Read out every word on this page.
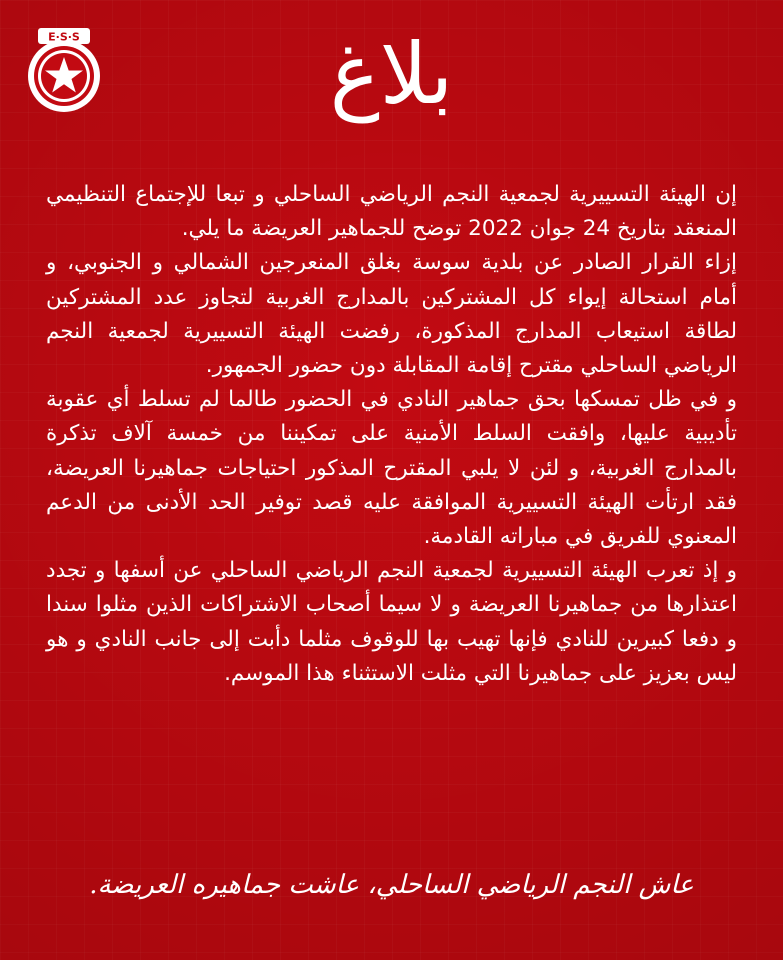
E·S·S	بلاغ

إن الهيئة التسييرية لجمعية النجم الرياضي الساحلي و تبعا للإجتماع التنظيمي المنعقد بتاريخ 24 جوان 2022 توضح للجماهير العريضة ما يلي.

إزاء القرار الصادر عن بلدية سوسة بغلق المنعرجين الشمالي و الجنوبي، و أمام استحالة إيواء كل المشتركين بالمدارج الغربية لتجاوز عدد المشتركين لطاقة استيعاب المدارج المذكورة، رفضت الهيئة التسييرية لجمعية النجم الرياضي الساحلي مقترح إقامة المقابلة دون حضور الجمهور.

و في ظل تمسكها بحق جماهير النادي في الحضور طالما لم تسلط أي عقوبة تأديبية عليها، وافقت السلط الأمنية على تمكيننا من خمسة آلاف تذكرة بالمدارج الغربية، و لئن لا يلبي المقترح المذكور احتياجات جماهيرنا العريضة، فقد ارتأت الهيئة التسييرية الموافقة عليه قصد توفير الحد الأدنى من الدعم المعنوي للفريق في مباراته القادمة.

و إذ تعرب الهيئة التسييرية لجمعية النجم الرياضي الساحلي عن أسفها و تجدد اعتذارها من جماهيرنا العريضة و لا سيما أصحاب الاشتراكات الذين مثلوا سندا و دفعا كبيرين للنادي فإنها تهيب بها للوقوف مثلما دأبت إلى جانب النادي و هو ليس بعزيز على جماهيرنا التي مثلت الاستثناء هذا الموسم.

عاش النجم الرياضي الساحلي، عاشت جماهيره العريضة.
